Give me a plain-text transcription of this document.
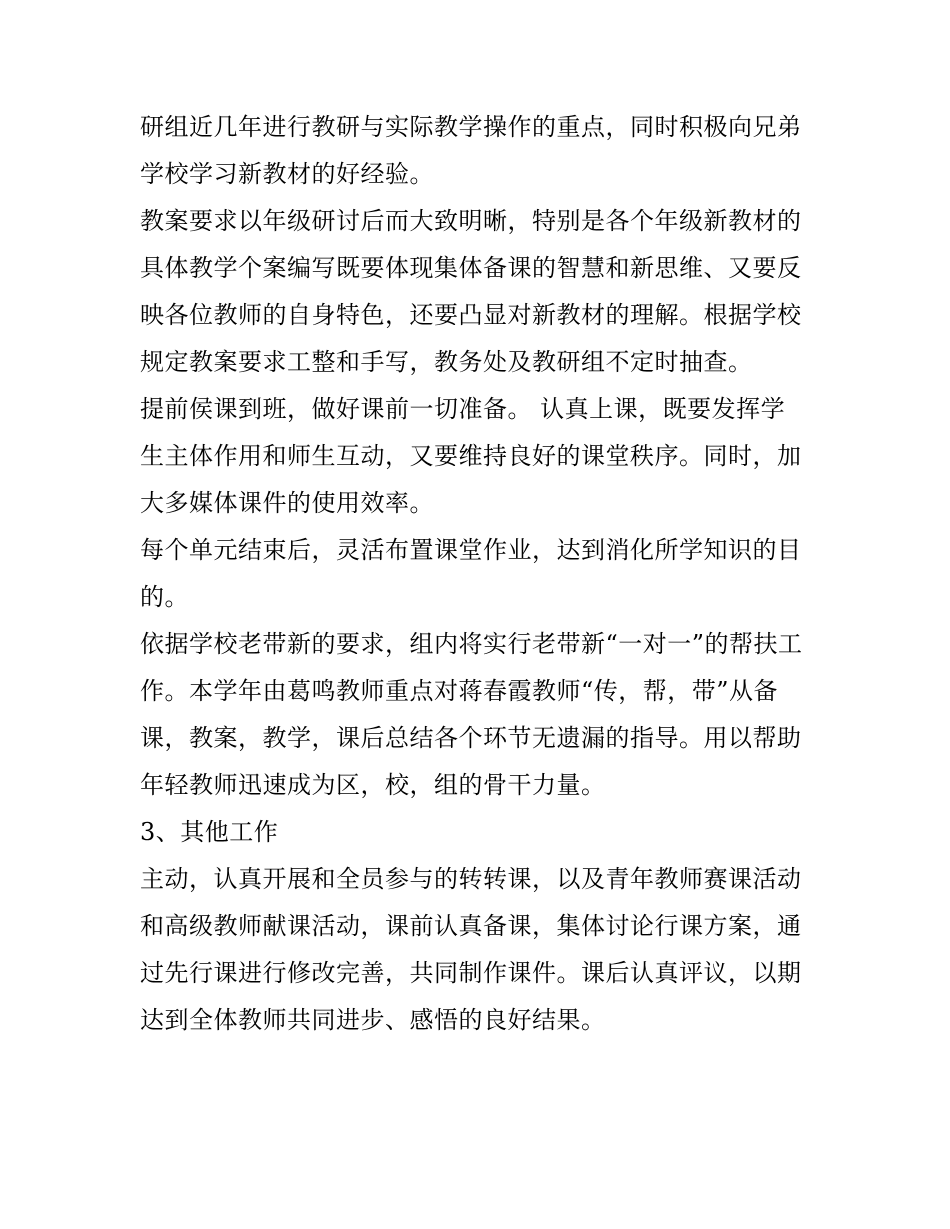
研组近几年进行教研与实际教学操作的重点，同时积极向兄弟
学校学习新教材的好经验。
教案要求以年级研讨后而大致明晰，特别是各个年级新教材的
具体教学个案编写既要体现集体备课的智慧和新思维、又要反
映各位教师的自身特色，还要凸显对新教材的理解。根据学校
规定教案要求工整和手写，教务处及教研组不定时抽查。
提前侯课到班，做好课前一切准备。 认真上课，既要发挥学
生主体作用和师生互动，又要维持良好的课堂秩序。同时，加
大多媒体课件的使用效率。
每个单元结束后，灵活布置课堂作业，达到消化所学知识的目
的。
依据学校老带新的要求，组内将实行老带新“一对一”的帮扶工
作。本学年由葛鸣教师重点对蒋春霞教师“传，帮，带”从备
课，教案，教学，课后总结各个环节无遗漏的指导。用以帮助
年轻教师迅速成为区，校，组的骨干力量。
3、其他工作
主动，认真开展和全员参与的转转课，以及青年教师赛课活动
和高级教师献课活动，课前认真备课，集体讨论行课方案，通
过先行课进行修改完善，共同制作课件。课后认真评议，以期
达到全体教师共同进步、感悟的良好结果。
